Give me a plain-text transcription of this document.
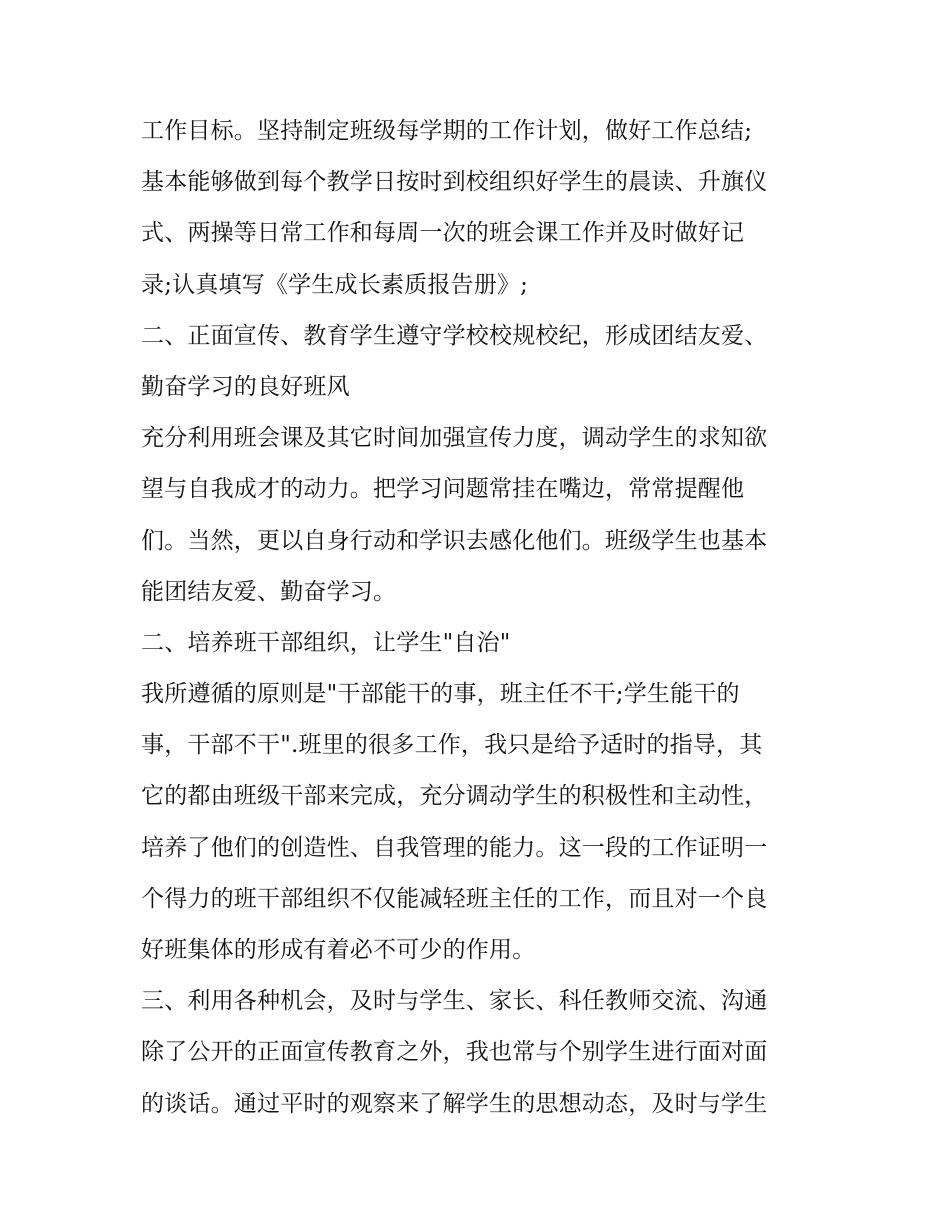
工作目标。坚持制定班级每学期的工作计划，做好工作总结;
基本能够做到每个教学日按时到校组织好学生的晨读、升旗仪
式、两操等日常工作和每周一次的班会课工作并及时做好记
录;认真填写《学生成长素质报告册》;
二、正面宣传、教育学生遵守学校校规校纪，形成团结友爱、
勤奋学习的良好班风
充分利用班会课及其它时间加强宣传力度，调动学生的求知欲
望与自我成才的动力。把学习问题常挂在嘴边，常常提醒他
们。当然，更以自身行动和学识去感化他们。班级学生也基本
能团结友爱、勤奋学习。
二、培养班干部组织，让学生"自治"
我所遵循的原则是"干部能干的事，班主任不干;学生能干的
事，干部不干".班里的很多工作，我只是给予适时的指导，其
它的都由班级干部来完成，充分调动学生的积极性和主动性，
培养了他们的创造性、自我管理的能力。这一段的工作证明一
个得力的班干部组织不仅能减轻班主任的工作，而且对一个良
好班集体的形成有着必不可少的作用。
三、利用各种机会，及时与学生、家长、科任教师交流、沟通
除了公开的正面宣传教育之外，我也常与个别学生进行面对面
的谈话。通过平时的观察来了解学生的思想动态，及时与学生
